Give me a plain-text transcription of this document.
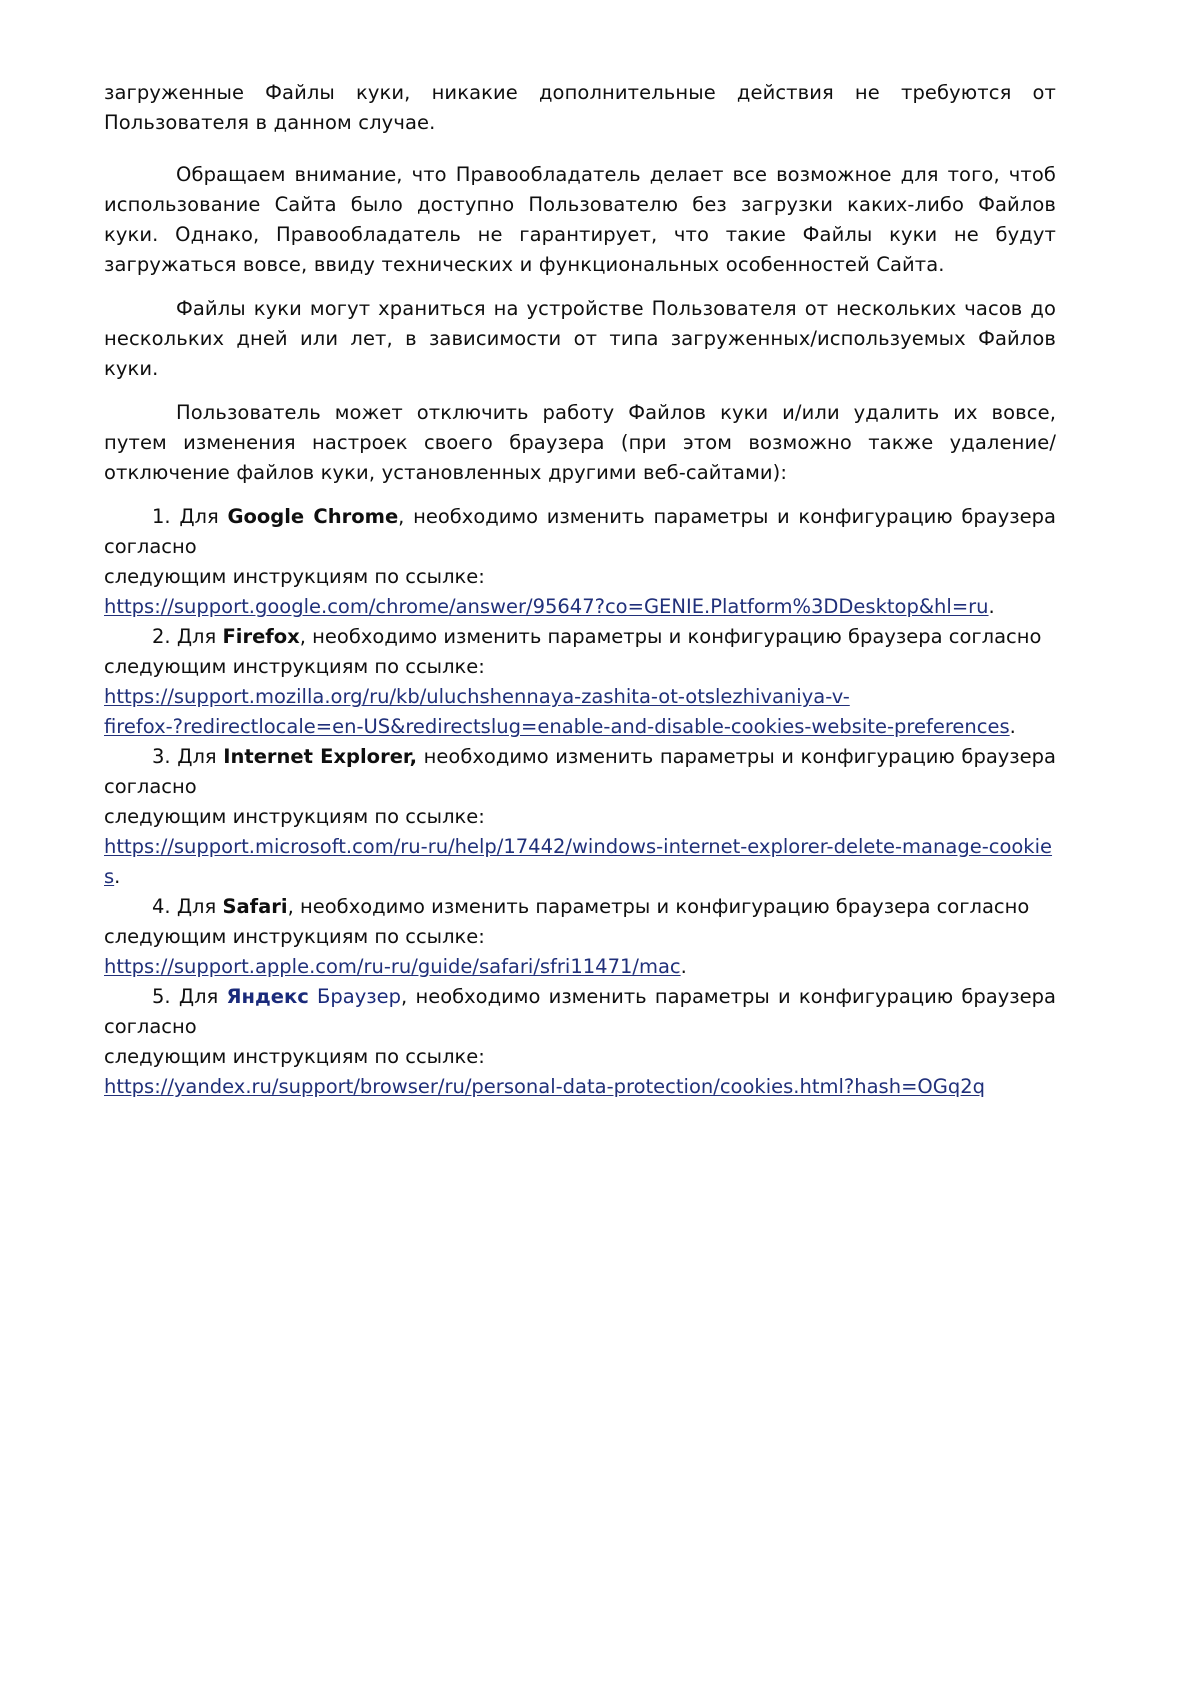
загруженные Файлы куки, никакие дополнительные действия не требуются от Пользователя в данном случае.

Обращаем внимание, что Правообладатель делает все возможное для того, чтоб использование Сайта было доступно Пользователю без загрузки каких-либо Файлов куки. Однако, Правообладатель не гарантирует, что такие Файлы куки не будут загружаться вовсе, ввиду технических и функциональных особенностей Сайта.

Файлы куки могут храниться на устройстве Пользователя от нескольких часов до нескольких дней или лет, в зависимости от типа загруженных/используемых Файлов куки.

Пользователь может отключить работу Файлов куки и/или удалить их вовсе, путем изменения настроек своего браузера (при этом возможно также удаление/отключение файлов куки, установленных другими веб-сайтами):

1. Для Google Chrome, необходимо изменить параметры и конфигурацию браузера согласно

следующим инструкциям по ссылке:

https://support.google.com/chrome/answer/95647?co=GENIE.Platform%3DDesktop&hl=ru.

2. Для Firefox, необходимо изменить параметры и конфигурацию браузера согласно

следующим инструкциям по ссылке:

https://support.mozilla.org/ru/kb/uluchshennaya-zashita-ot-otslezhivaniya-v-

firefox-?redirectlocale=en-US&redirectslug=enable-and-disable-cookies-website-preferences.

3. Для Internet Explorer, необходимо изменить параметры и конфигурацию браузера согласно

следующим инструкциям по ссылке:

https://support.microsoft.com/ru-ru/help/17442/windows-internet-explorer-delete-manage-cookies.

4. Для Safari, необходимо изменить параметры и конфигурацию браузера согласно

следующим инструкциям по ссылке:

https://support.apple.com/ru-ru/guide/safari/sfri11471/mac.

5. Для Яндекс Браузер, необходимо изменить параметры и конфигурацию браузера согласно

следующим инструкциям по ссылке:

https://yandex.ru/support/browser/ru/personal-data-protection/cookies.html?hash=OGq2q
